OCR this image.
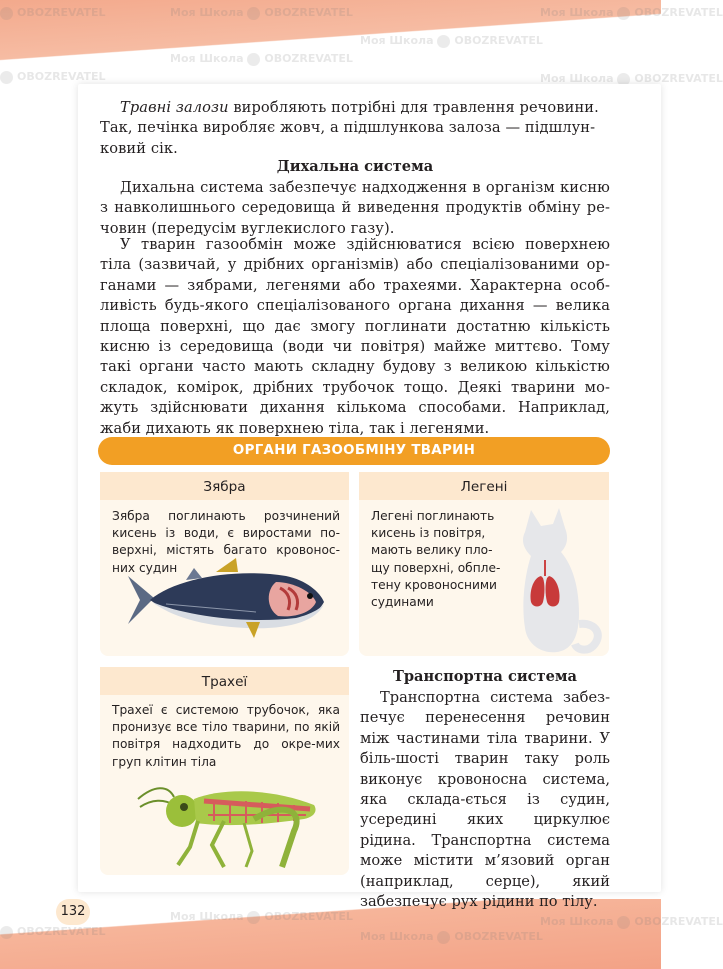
OBOZREVATEL
OBOZREVATEL	Моя Школа OBOZREVATEL
OBOZREVATEL
Травні залози виробляють потрібні для травлення речовини.
Так, печінка виробляє жовч, а підшлункова залоза — підшлун-
ковий сік.
Дихальна система
Дихальна система забезпечує надходження в організм кисню з навколишнього середовища й виведення продуктів обміну ре-човин (передусім вуглекислого газу).
У тварин газообмін може здійснюватися всією поверхнею тіла (зазвичай, у дрібних організмів) або спеціалізованими ор-ганами — зябрами, легенями або трахеями. Характерна особ-ливість будь-якого спеціалізованого органа дихання — велика площа поверхні, що дає змогу поглинати достатню кількість кисню із середовища (води чи повітря) майже миттєво. Тому такі органи часто мають складну будову з великою кількістю складок, комірок, дрібних трубочок тощо. Деякі тварини мо-жуть здійснювати дихання кількома способами. Наприклад, жаби дихають як поверхнею тіла, так і легенями.
ОРГАНИ ГАЗООБМІНУ ТВАРИН
Зябра
Зябра поглинають розчинений кисень із води, є виростами по-верхні, містять багато кровонос-них судин
Легені
Легені поглинають кисень із повітря, мають велику пло-щу поверхні, обплe-тену кровоносними судинами
Трахеї
Трахеї є системою трубочок, яка пронизує все тіло тварини, по якій повітря надходить до окре-мих груп клітин тіла
Транспортна система
Транспортна система забез-печує перенесення речовин між частинами тіла тварини. У біль-шості тварин таку роль виконує кровоносна система, яка склада-ється із судин, усередині яких циркулює рідина. Транспортна система може містити м’язовий орган (наприклад, серце), який забезпечує рух рідини по тілу.
132
